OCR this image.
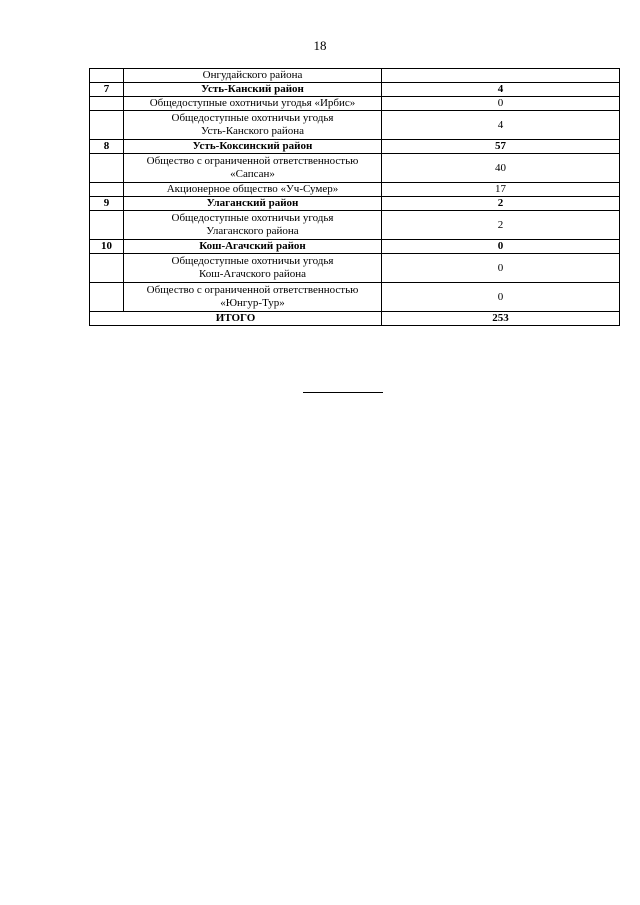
18
	Онгудайского района	
7	Усть-Канский район	4
	Общедоступные охотничьи угодья «Ирбис»	0
	Общедоступные охотничьи угодья
Усть-Канского района	4
8	Усть-Коксинский район	57
	Общество с ограниченной ответственностью
«Сапсан»	40
	Акционерное общество «Уч-Сумер»	17
9	Улаганский район	2
	Общедоступные охотничьи угодья
Улаганского района	2
10	Кош-Агачский район	0
	Общедоступные охотничьи угодья
Кош-Агачского района	0
	Общество с ограниченной ответственностью
«Юнгур-Тур»	0
ИТОГО		253
